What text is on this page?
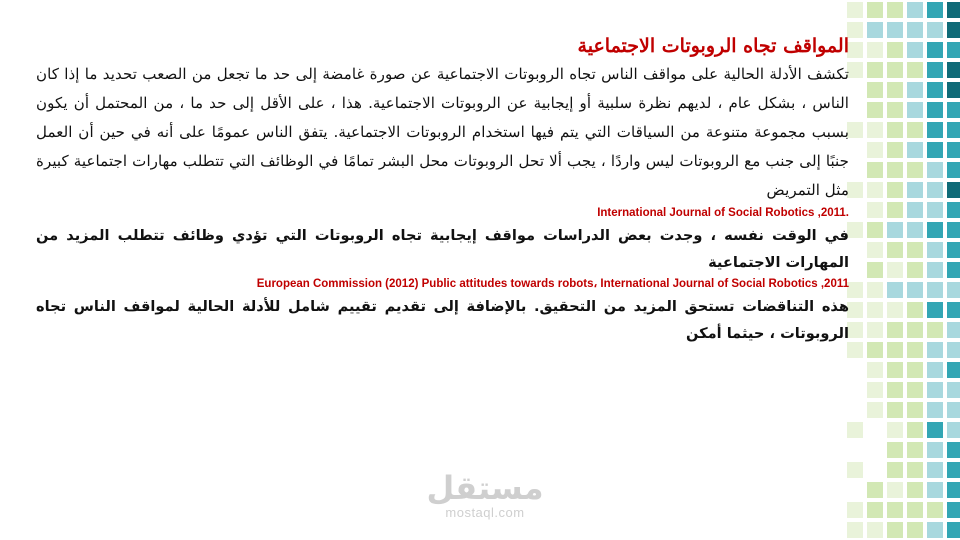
المواقف تجاه الروبوتات الاجتماعية

تكشف الأدلة الحالية على مواقف الناس تجاه الروبوتات الاجتماعية عن صورة غامضة إلى حد ما تجعل من الصعب تحديد ما إذا كان الناس ، بشكل عام ، لديهم نظرة سلبية أو إيجابية عن الروبوتات الاجتماعية. هذا ، على الأقل إلى حد ما ، من المحتمل أن يكون بسبب مجموعة متنوعة من السياقات التي يتم فيها استخدام الروبوتات الاجتماعية. يتفق الناس عمومًا على أنه في حين أن العمل جنبًا إلى جنب مع الروبوتات ليس واردًا ، يجب ألا تحل الروبوتات محل البشر تمامًا في الوظائف التي تتطلب مهارات اجتماعية كبيرة مثل التمريض

International Journal of Social Robotics ,2011.

في الوقت نفسه ، وجدت بعض الدراسات مواقف إيجابية تجاه الروبوتات التي تؤدي وظائف تتطلب المزيد من المهارات الاجتماعية

European Commission (2012) Public attitudes towards robots، International Journal of Social Robotics ,2011

هذه التناقضات تستحق المزيد من التحقيق. بالإضافة إلى تقديم تقييم شامل للأدلة الحالية لمواقف الناس تجاه الروبوتات ، حيثما أمكن

مستقل
mostaql.com
